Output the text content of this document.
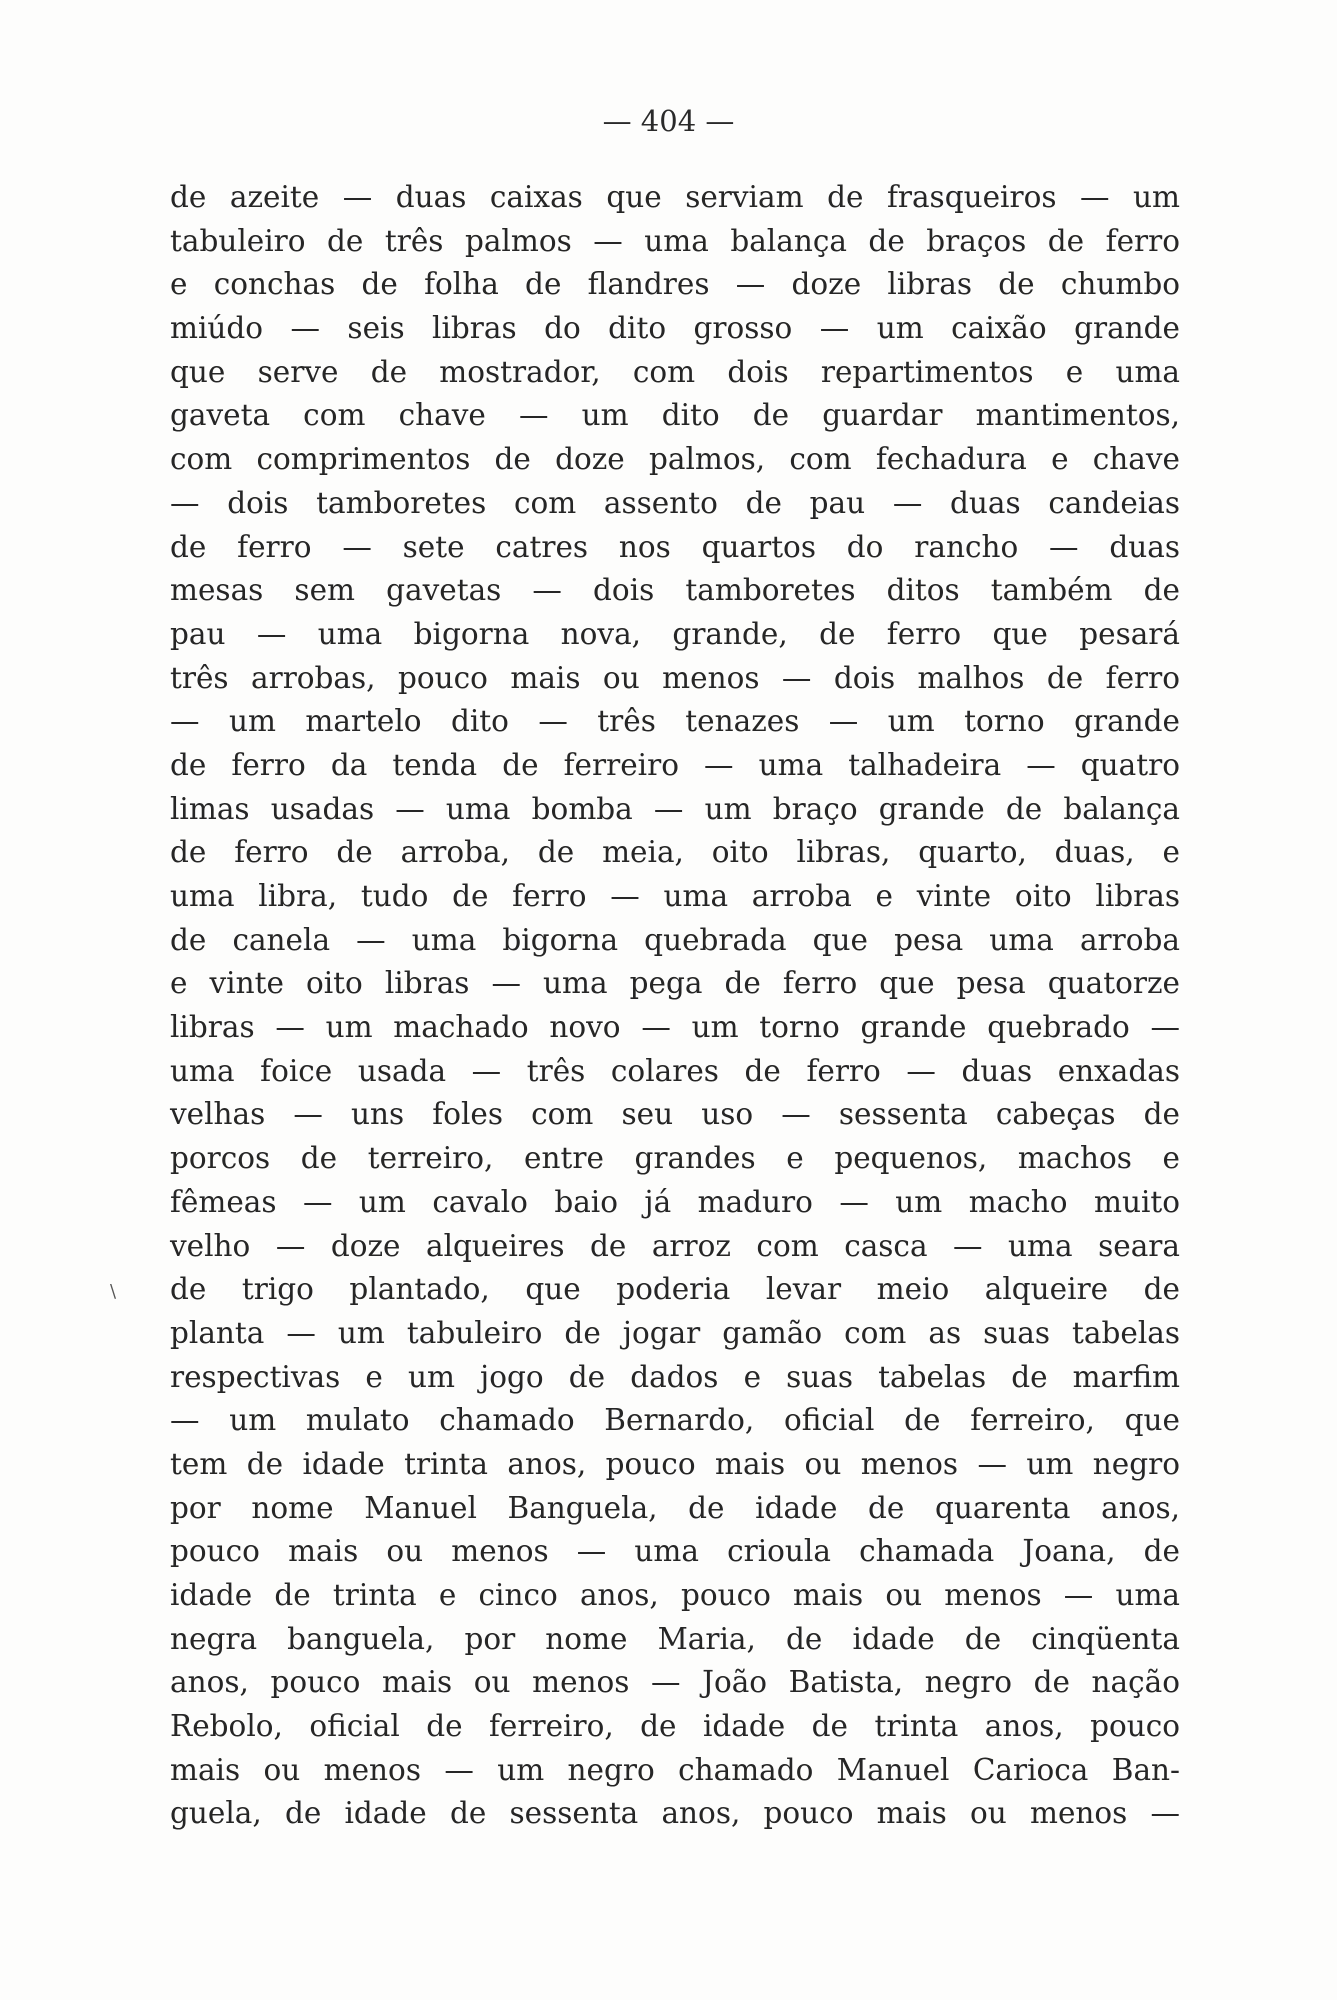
— 404 —
\
de azeite — duas caixas que serviam de frasqueiros — um
tabuleiro de três palmos — uma balança de braços de ferro
e conchas de folha de flandres — doze libras de chumbo
miúdo — seis libras do dito grosso — um caixão grande
que serve de mostrador, com dois repartimentos e uma
gaveta com chave — um dito de guardar mantimentos,
com comprimentos de doze palmos, com fechadura e chave
— dois tamboretes com assento de pau — duas candeias
de ferro — sete catres nos quartos do rancho — duas
mesas sem gavetas — dois tamboretes ditos também de
pau — uma bigorna nova, grande, de ferro que pesará
três arrobas, pouco mais ou menos — dois malhos de ferro
— um martelo dito — três tenazes — um torno grande
de ferro da tenda de ferreiro — uma talhadeira — quatro
limas usadas — uma bomba — um braço grande de balança
de ferro de arroba, de meia, oito libras, quarto, duas, e
uma libra, tudo de ferro — uma arroba e vinte oito libras
de canela — uma bigorna quebrada que pesa uma arroba
e vinte oito libras — uma pega de ferro que pesa quatorze
libras — um machado novo — um torno grande quebrado —
uma foice usada — três colares de ferro — duas enxadas
velhas — uns foles com seu uso — sessenta cabeças de
porcos de terreiro, entre grandes e pequenos, machos e
fêmeas — um cavalo baio já maduro — um macho muito
velho — doze alqueires de arroz com casca — uma seara
de trigo plantado, que poderia levar meio alqueire de
planta — um tabuleiro de jogar gamão com as suas tabelas
respectivas e um jogo de dados e suas tabelas de marfim
— um mulato chamado Bernardo, oficial de ferreiro, que
tem de idade trinta anos, pouco mais ou menos — um negro
por nome Manuel Banguela, de idade de quarenta anos,
pouco mais ou menos — uma crioula chamada Joana, de
idade de trinta e cinco anos, pouco mais ou menos — uma
negra banguela, por nome Maria, de idade de cinqüenta
anos, pouco mais ou menos — João Batista, negro de nação
Rebolo, oficial de ferreiro, de idade de trinta anos, pouco
mais ou menos — um negro chamado Manuel Carioca Ban-
guela, de idade de sessenta anos, pouco mais ou menos —
